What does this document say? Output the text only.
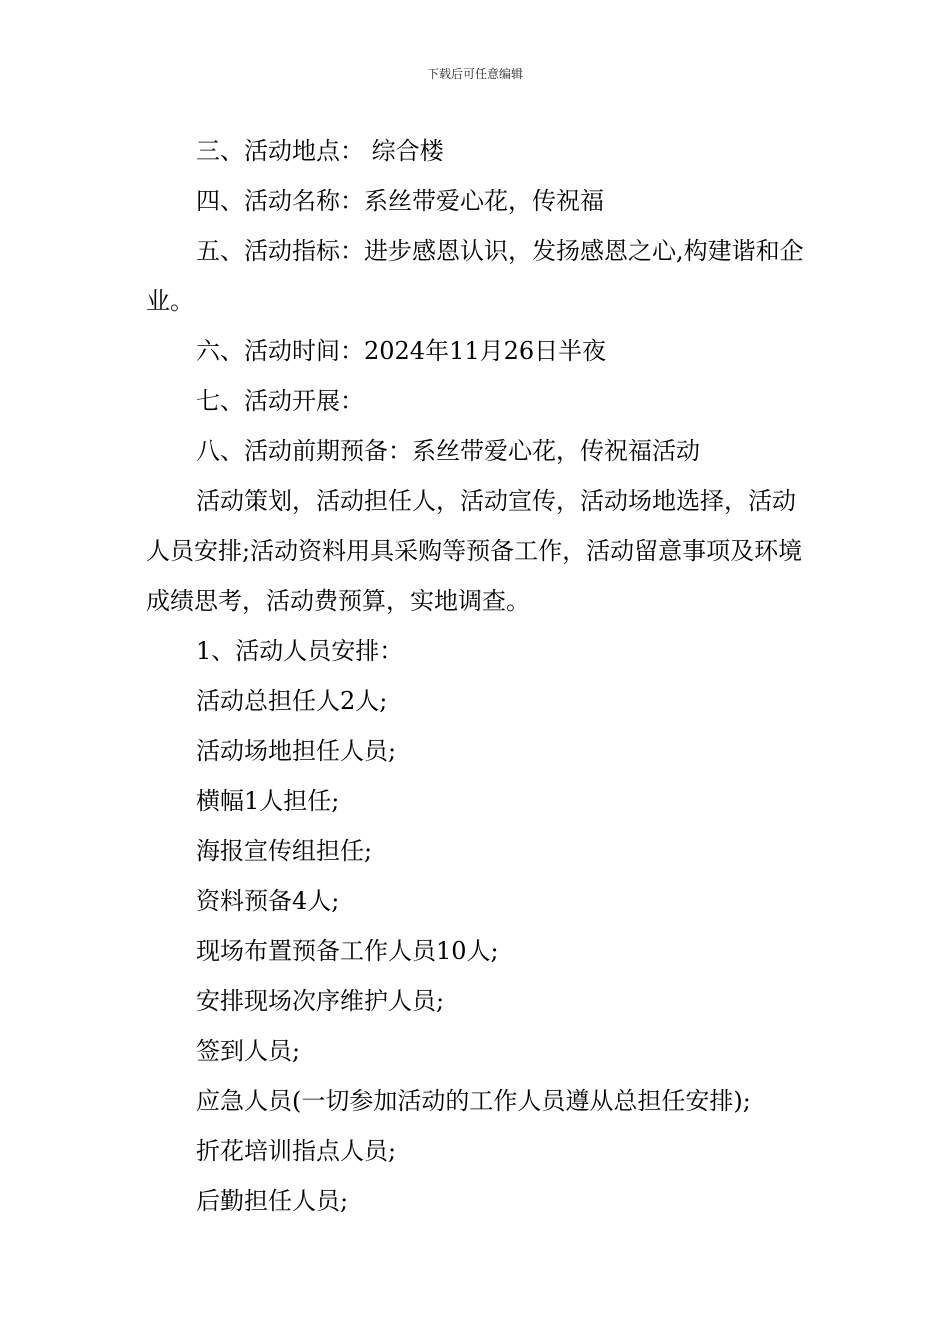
下载后可任意编辑

三、活动地点： 综合楼

四、活动名称：系丝带爱心花，传祝福

五、活动指标：进步感恩认识，发扬感恩之心,构建谐和企业。

六、活动时间：2024年11月26日半夜

七、活动开展：

八、活动前期预备：系丝带爱心花，传祝福活动

活动策划，活动担任人，活动宣传，活动场地选择，活动人员安排;活动资料用具采购等预备工作，活动留意事项及环境成绩思考，活动费预算，实地调查。

1、活动人员安排：

活动总担任人2人;

活动场地担任人员;

横幅1人担任;

海报宣传组担任;

资料预备4人;

现场布置预备工作人员10人;

安排现场次序维护人员;

签到人员;

应急人员(一切参加活动的工作人员遵从总担任安排);

折花培训指点人员;

后勤担任人员;
